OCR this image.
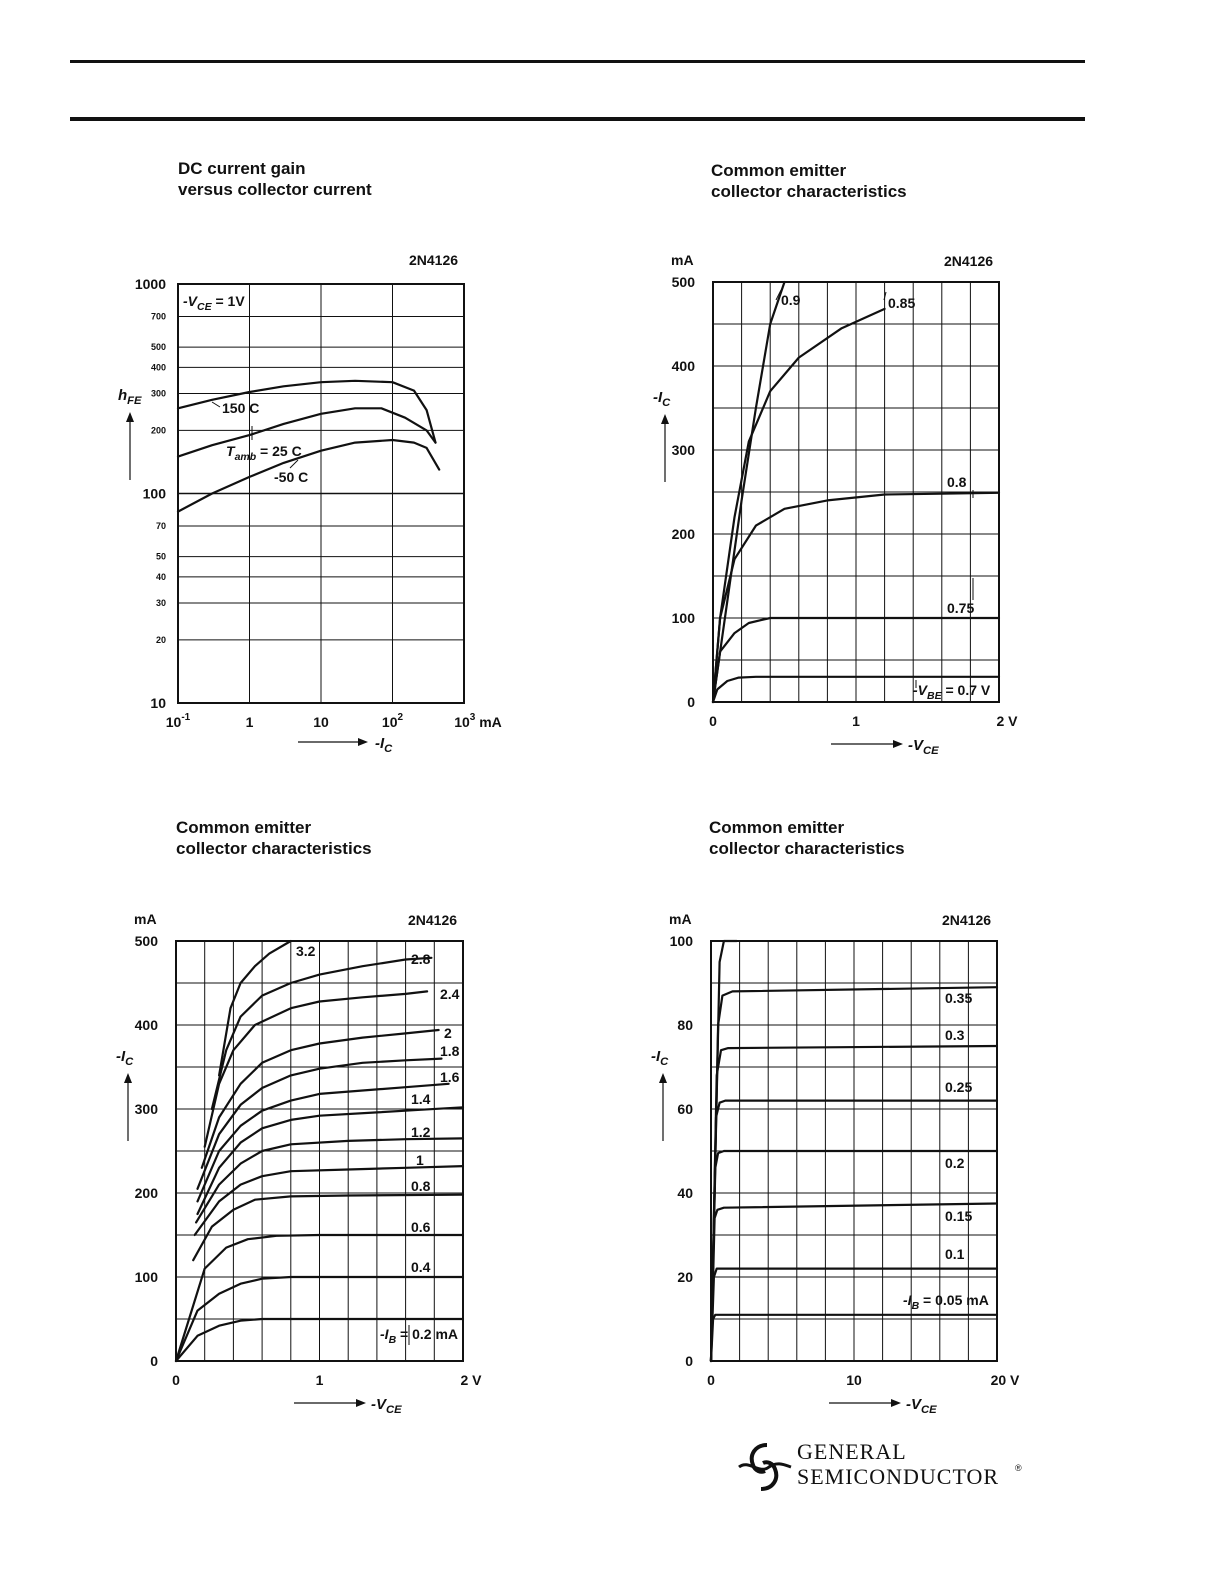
DC current gain
versus collector current
Common emitter
collector characteristics
Common emitter
collector characteristics
Common emitter
collector characteristics
1000
700
500
400
300
200
100
70
50
40
30
20
10
$10^{-1}$	1	10	$10^2$	$10^3$ mA
2N4126
$-V_{CE} = 1V$
150 C
$T_{amb} = 25$ C
-50 C
$h_{FE}$
$-I_C$
0
100
200
300
400
500
0	1	2 V
mA	2N4126
$-I_C$
$-V_{CE}$
0.9	0.85
0.8
0.75
$-V_{BE} = 0.7$ V
0
100
200
300
400
500
0	1	2 V
mA	2N4126
$-I_C$
$-V_{CE}$
3.2	2.8
2.4
2
1.8
1.6
1.4
1.2
1
0.8
0.6
0.4
$-I_B = 0.2$ mA
0
20
40
60
80
100
0	10	20 V
mA	2N4126
$-I_C$
$-V_{CE}$
0.35
0.3
0.25
0.2
0.15
0.1
$-I_B = 0.05$ mA
GENERAL
SEMICONDUCTOR ®
